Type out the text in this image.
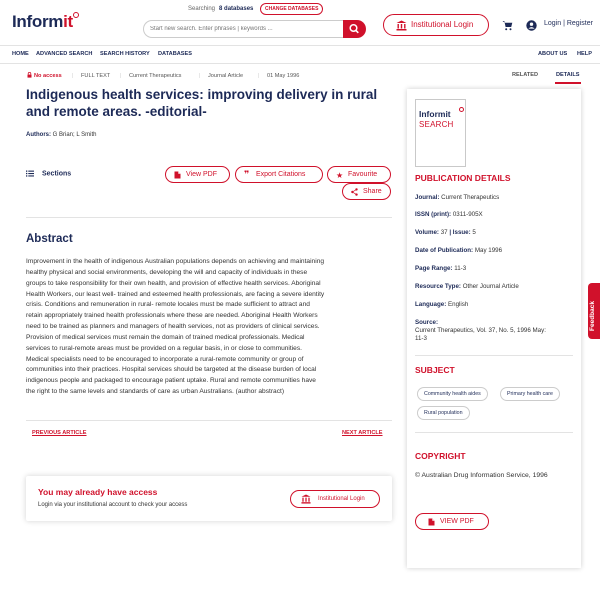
Informit
Searching 8 databases	CHANGE DATABASES
Start new search. Enter phrases | keywords ...
Institutional Login	Login | Register
HOME ADVANCED SEARCH SEARCH HISTORY DATABASES	ABOUT US HELP
No access | FULL TEXT | Current Therapeutics	| Journal Article	| 01 May 1996
Indigenous health services: improving delivery in rural and remote areas. -editorial-
Authors: G Brian; L Smith
Sections	View PDF	❞ Export Citations	★ Favourite
Share
Abstract
Improvement in the health of indigenous Australian populations depends on achieving and maintaining
healthy physical and social environments, developing the will and capacity of individuals in these
groups to take responsibility for their own health, and provision of effective health services. Aboriginal
Health Workers, our least well- trained and esteemed health professionals, are facing a severe identity
crisis. Conditions and remuneration in rural- remote locales must be made sufficient to attract and
retain appropriately trained health professionals where these are needed. Aboriginal Health Workers
need to be trained as planners and managers of health services, not as providers of clinical services.
Provision of medical services must remain the domain of trained medical professionals. Medical
services to rural-remote areas must be provided on a regular basis, in or close to communities.
Medical specialists need to be encouraged to incorporate a rural-remote community or group of
communities into their practices. Hospital services should be targeted at the disease burden of local
indigenous people and packaged to encourage patient uptake. Rural and remote communities have
the right to the same levels and standards of care as urban Australians. (author abstract)
PREVIOUS ARTICLE	NEXT ARTICLE
You may already have access
Login via your institutional account to check your access
Institutional Login
RELATED	DETAILS
Informit
SEARCH
PUBLICATION DETAILS
Journal: Current Therapeutics
ISSN (print): 0311-905X
Volume: 37 | Issue: 5
Date of Publication: May 1996
Page Range: 11-3
Resource Type: Other Journal Article
Language: English
Source:
Current Therapeutics, Vol. 37, No. 5, 1996 May:
11-3
SUBJECT
Community health aides	Primary health care
Rural population
COPYRIGHT
© Australian Drug Information Service, 1996
VIEW PDF
Feedback
